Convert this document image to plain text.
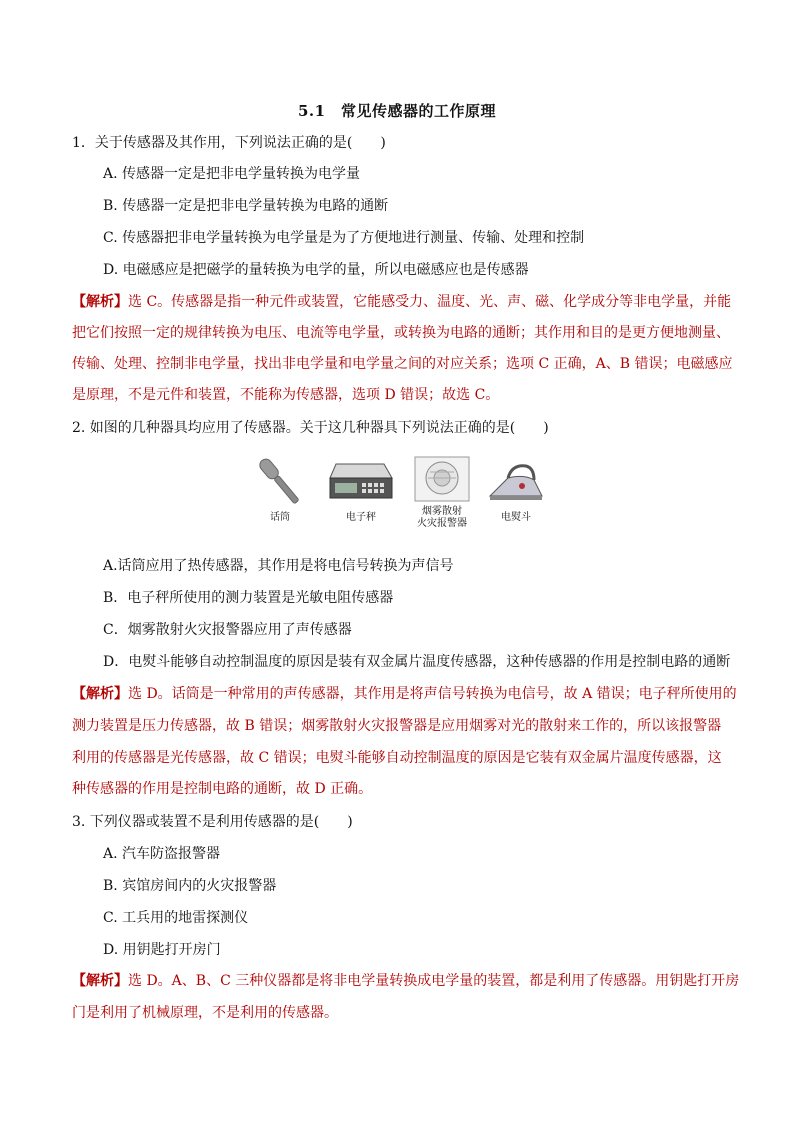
5.1　常见传感器的工作原理
1．关于传感器及其作用，下列说法正确的是(　　)
A. 传感器一定是把非电学量转换为电学量
B. 传感器一定是把非电学量转换为电路的通断
C. 传感器把非电学量转换为电学量是为了方便地进行测量、传输、处理和控制
D. 电磁感应是把磁学的量转换为电学的量，所以电磁感应也是传感器
【解析】选 C。传感器是指一种元件或装置，它能感受力、温度、光、声、磁、化学成分等非电学量，并能
把它们按照一定的规律转换为电压、电流等电学量，或转换为电路的通断；其作用和目的是更方便地测量、
传输、处理、控制非电学量，找出非电学量和电学量之间的对应关系；选项 C 正确，A、B 错误；电磁感应
是原理，不是元件和装置，不能称为传感器，选项 D 错误；故选 C。
2. 如图的几种器具均应用了传感器。关于这几种器具下列说法正确的是(　　)
话筒	电子秤
烟雾散射
火灾报警器
电熨斗
A.话筒应用了热传感器，其作用是将电信号转换为声信号
B．电子秤所使用的测力装置是光敏电阻传感器
C．烟雾散射火灾报警器应用了声传感器
D．电熨斗能够自动控制温度的原因是装有双金属片温度传感器，这种传感器的作用是控制电路的通断
【解析】选 D。话筒是一种常用的声传感器，其作用是将声信号转换为电信号，故 A 错误；电子秤所使用的
测力装置是压力传感器，故 B 错误；烟雾散射火灾报警器是应用烟雾对光的散射来工作的，所以该报警器
利用的传感器是光传感器，故 C 错误；电熨斗能够自动控制温度的原因是它装有双金属片温度传感器，这
种传感器的作用是控制电路的通断，故 D 正确。
3. 下列仪器或装置不是利用传感器的是(　　)
A. 汽车防盗报警器
B. 宾馆房间内的火灾报警器
C. 工兵用的地雷探测仪
D. 用钥匙打开房门
【解析】选 D。A、B、C 三种仪器都是将非电学量转换成电学量的装置，都是利用了传感器。用钥匙打开房
门是利用了机械原理，不是利用的传感器。
